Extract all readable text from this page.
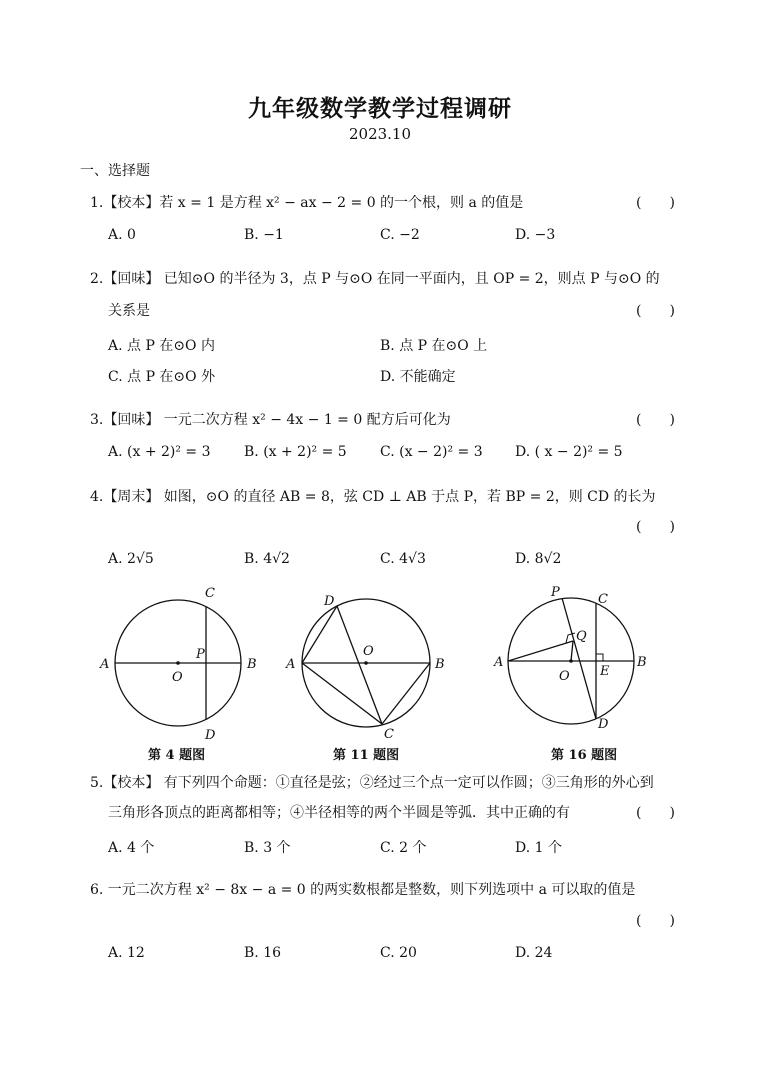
九年级数学教学过程调研
2023.10
一、选择题
1.【校本】若 x = 1 是方程 x² − ax − 2 = 0 的一个根，则 a 的值是	(　　)
A. 0	B. −1	C. −2	D. −3
2.【回味】 已知⊙O 的半径为 3，点 P 与⊙O 在同一平面内，且 OP = 2，则点 P 与⊙O 的
关系是	(　　)
A. 点 P 在⊙O 内	B. 点 P 在⊙O 上
C. 点 P 在⊙O 外	D. 不能确定
3.【回味】 一元二次方程 x² − 4x − 1 = 0 配方后可化为	(　　)
A. (x + 2)² = 3 B. (x + 2)² = 5 C. (x − 2)² = 3 D. ( x − 2)² = 5
4.【周末】 如图，⊙O 的直径 AB = 8，弦 CD ⊥ AB 于点 P，若 BP = 2，则 CD 的长为
(　　)
A. 2√5	B. 4√2	C. 4√3	D. 8√2
A	B
C
D
O
P
A	B
C
D
O
A	B
C
D
O
P
Q
E
第 4 题图	第 11 题图	第 16 题图
5.【校本】 有下列四个命题：①直径是弦；②经过三个点一定可以作圆；③三角形的外心到
三角形各顶点的距离都相等；④半径相等的两个半圆是等弧．其中正确的有	(　　)
A. 4 个	B. 3 个	C. 2 个	D. 1 个
6. 一元二次方程 x² − 8x − a = 0 的两实数根都是整数，则下列选项中 a 可以取的值是
(　　)
A. 12	B. 16	C. 20	D. 24
